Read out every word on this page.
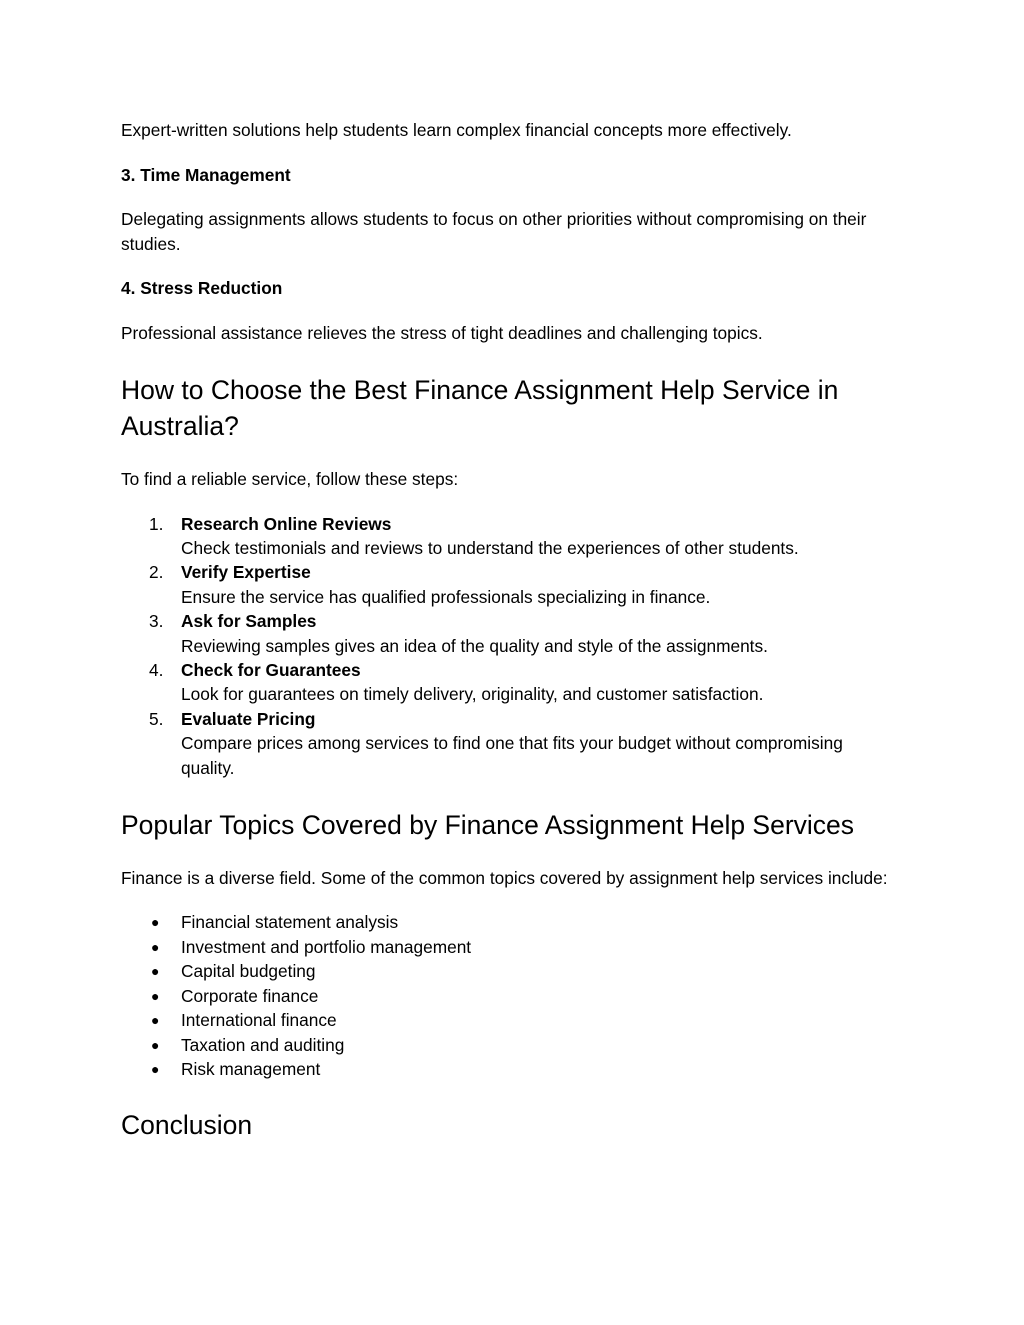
Expert-written solutions help students learn complex financial concepts more effectively.

3. Time Management

Delegating assignments allows students to focus on other priorities without compromising on their studies.

4. Stress Reduction

Professional assistance relieves the stress of tight deadlines and challenging topics.

How to Choose the Best Finance Assignment Help Service in Australia?

To find a reliable service, follow these steps:

1. Research Online Reviews
Check testimonials and reviews to understand the experiences of other students.
2. Verify Expertise
Ensure the service has qualified professionals specializing in finance.
3. Ask for Samples
Reviewing samples gives an idea of the quality and style of the assignments.
4. Check for Guarantees
Look for guarantees on timely delivery, originality, and customer satisfaction.
5. Evaluate Pricing
Compare prices among services to find one that fits your budget without compromising quality.
Popular Topics Covered by Finance Assignment Help Services

Finance is a diverse field. Some of the common topics covered by assignment help services include:

● Financial statement analysis
● Investment and portfolio management
● Capital budgeting
● Corporate finance
● International finance
● Taxation and auditing
● Risk management
Conclusion
